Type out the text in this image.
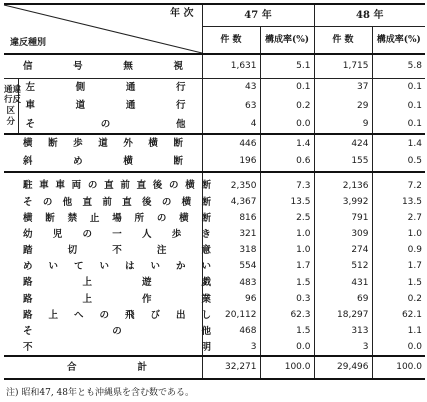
年 次
違反種別		47 年		48 年	
		件 数	構成率(%)	件 数	構成率(%)

信 号 無 視		1,631	5.1	1,715	5.8

通違
行反
区
分	左 側 通 行	43	0.1	37	0.1

	車 道 通 行	63	0.2	29	0.1

	そ の 他	4	0.0	9	0.1

横断歩道外横断		446	1.4	424	1.4

斜 め 横 断		196	0.6	155	0.5

駐車車両の直前直後の横断		2,350	7.3	2,136	7.2

その他直前直後の横断		4,367	13.5	3,992	13.5

横断禁止場所の横断		816	2.5	791	2.7

幼 児 の 一 人 歩 き		321	1.0	309	1.0

踏 切 不 注 意		318	1.0	274	0.9

めいていはいかい		554	1.7	512	1.7

路 上 遊 戯		483	1.5	431	1.5

路 上 作 業		96	0.3	69	0.2

路上への飛び出し		20,112	62.3	18,297	62.1

そ の 他		468	1.5	313	1.1

不 明		3	0.0	3	0.0

合 計		32,271	100.0	29,496	100.0

注) 昭和47, 48年とも沖縄県を含む数である。
